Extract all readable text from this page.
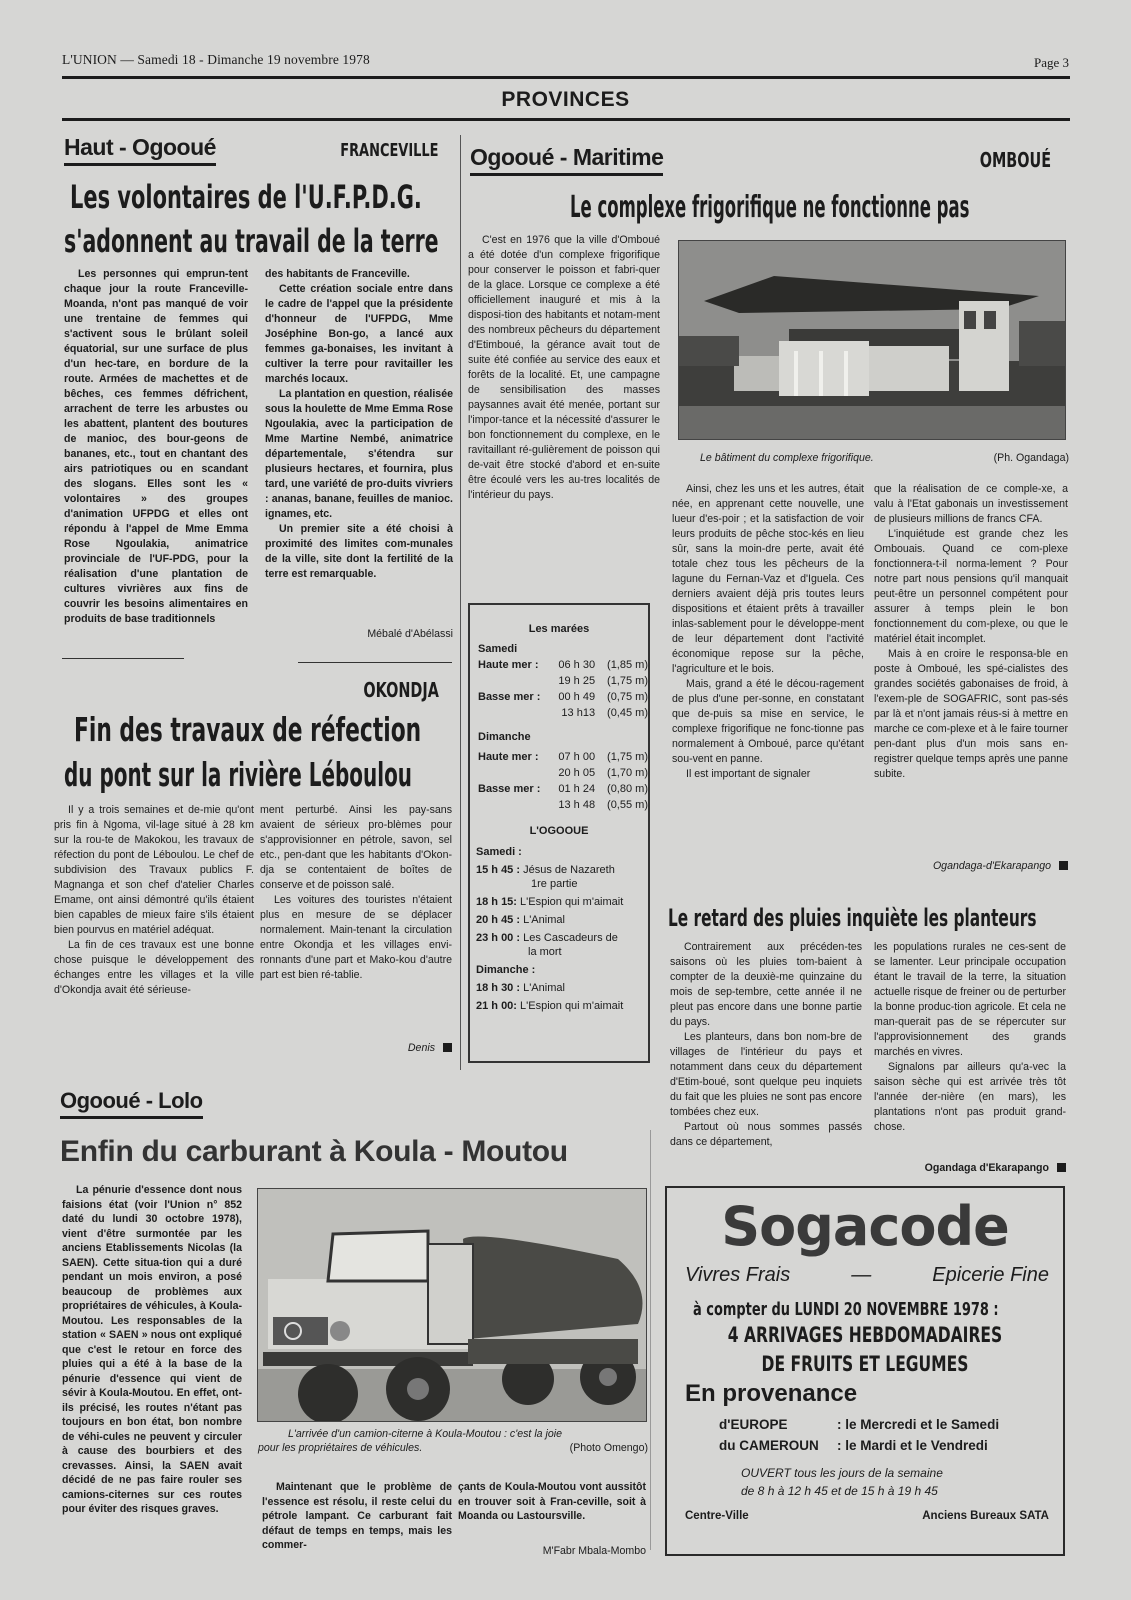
L'UNION — Samedi 18 - Dimanche 19 novembre 1978	Page 3
PROVINCES
Haut - Ogooué	FRANCEVILLE
Les volontaires de l'U.F.P.D.G.
s'adonnent au travail de la terre

Les personnes qui emprun-tent chaque jour la route Franceville-Moanda, n'ont pas manqué de voir une trentaine de femmes qui s'activent sous le brûlant soleil équatorial, sur une surface de plus d'un hec-tare, en bordure de la route. Armées de machettes et de bêches, ces femmes défrichent, arrachent de terre les arbustes ou les abattent, plantent des boutures de manioc, des bour-geons de bananes, etc., tout en chantant des airs patriotiques ou en scandant des slogans. Elles sont les « volontaires » des groupes d'animation UFPDG et elles ont répondu à l'appel de Mme Emma Rose Ngoulakia, animatrice provinciale de l'UF-PDG, pour la réalisation d'une plantation de cultures vivrières aux fins de couvrir les besoins alimentaires en produits de base traditionnels

des habitants de Franceville.

Cette création sociale entre dans le cadre de l'appel que la présidente d'honneur de l'UFPDG, Mme Joséphine Bon-go, a lancé aux femmes ga-bonaises, les invitant à cultiver la terre pour ravitailler les marchés locaux.

La plantation en question, réalisée sous la houlette de Mme Emma Rose Ngoulakia, avec la participation de Mme Martine Nembé, animatrice départementale, s'étendra sur plusieurs hectares, et fournira, plus tard, une variété de pro-duits vivriers : ananas, banane, feuilles de manioc. ignames, etc.

Un premier site a été choisi à proximité des limites com-munales de la ville, site dont la fertilité de la terre est remarquable.

Mébalé d'Abélassi
OKONDJA
Fin des travaux de réfection
du pont sur la rivière Léboulou

Il y a trois semaines et de-mie qu'ont pris fin à Ngoma, vil-lage situé à 28 km sur la rou-te de Makokou, les travaux de réfection du pont de Léboulou. Le chef de subdivision des Travaux publics F. Magnanga et son chef d'atelier Charles Emame, ont ainsi démontré qu'ils étaient bien capables de mieux faire s'ils étaient bien pourvus en matériel adéquat.

La fin de ces travaux est une bonne chose puisque le développement des échanges entre les villages et la ville d'Okondja avait été sérieuse-

ment perturbé. Ainsi les pay-sans avaient de sérieux pro-blèmes pour s'approvisionner en pétrole, savon, sel etc., pen-dant que les habitants d'Okon-dja se contentaient de boîtes de conserve et de poisson salé.

Les voitures des touristes n'étaient plus en mesure de se déplacer normalement. Main-tenant la circulation entre Okondja et les villages envi-ronnants d'une part et Mako-kou d'autre part est bien ré-tablie.

Denis
Ogooué - Maritime	OMBOUÉ
Le complexe frigorifique ne fonctionne pas

C'est en 1976 que la ville d'Omboué a été dotée d'un complexe frigorifique pour conserver le poisson et fabri-quer de la glace. Lorsque ce complexe a été officiellement inauguré et mis à la disposi-tion des habitants et notam-ment des nombreux pêcheurs du département d'Etimboué, la gérance avait tout de suite été confiée au service des eaux et forêts de la localité. Et, une campagne de sensibilisation des masses paysannes avait été menée, portant sur l'impor-tance et la nécessité d'assurer le bon fonctionnement du complexe, en le ravitaillant ré-gulièrement de poisson qui de-vait être stocké d'abord et en-suite être écoulé vers les au-tres localités de l'intérieur du pays.

Le bâtiment du complexe frigorifique.	(Ph. Ogandaga)

Ainsi, chez les uns et les autres, était née, en apprenant cette nouvelle, une lueur d'es-poir ; et la satisfaction de voir leurs produits de pêche stoc-kés en lieu sûr, sans la moin-dre perte, avait été totale chez tous les pêcheurs de la lagune du Fernan-Vaz et d'Iguela. Ces derniers avaient déjà pris toutes leurs dispositions et étaient prêts à travailler inlas-sablement pour le développe-ment de leur département dont l'activité économique repose sur la pêche, l'agriculture et le bois.

Mais, grand a été le décou-ragement de plus d'une per-sonne, en constatant que de-puis sa mise en service, le complexe frigorifique ne fonc-tionne pas normalement à Omboué, parce qu'étant sou-vent en panne.

Il est important de signaler

que la réalisation de ce comple-xe, a valu à l'Etat gabonais un investissement de plusieurs millions de francs CFA.

L'inquiétude est grande chez les Ombouais. Quand ce com-plexe fonctionnera-t-il norma-lement ? Pour notre part nous pensions qu'il manquait peut-être un personnel compétent pour assurer à temps plein le bon fonctionnement du com-plexe, ou que le matériel était incomplet.

Mais à en croire le responsa-ble en poste à Omboué, les spé-cialistes des grandes sociétés gabonaises de froid, à l'exem-ple de SOGAFRIC, sont pas-sés par là et n'ont jamais réus-si à mettre en marche ce com-plexe et à le faire tourner pen-dant plus d'un mois sans en-registrer quelque temps après une panne subite.

Ogandaga-d'Ekarapango
Les marées
Samedi
Haute mer :	06 h 30	(1,85 m)
19 h 25	(1,75 m)
Basse mer :	00 h 49	(0,75 m)
13 h13	(0,45 m)
Dimanche
Haute mer :	07 h 00	(1,75 m)
20 h 05	(1,70 m)
Basse mer :	01 h 24	(0,80 m)
13 h 48	(0,55 m)
L'OGOOUE
Samedi :
15 h 45 : Jésus de Nazareth
1re partie
18 h 15: L'Espion qui m'aimait
20 h 45 : L'Animal
23 h 00 : Les Cascadeurs de
la mort
Dimanche :
18 h 30 : L'Animal
21 h 00: L'Espion qui m'aimait
Le retard des pluies inquiète les planteurs

Contrairement aux précéden-tes saisons où les pluies tom-baient à compter de la deuxiè-me quinzaine du mois de sep-tembre, cette année il ne pleut pas encore dans une bonne partie du pays.

Les planteurs, dans bon nom-bre de villages de l'intérieur du pays et notamment dans ceux du département d'Etim-boué, sont quelque peu inquiets du fait que les pluies ne sont pas encore tombées chez eux.

Partout où nous sommes passés dans ce département,

les populations rurales ne ces-sent de se lamenter. Leur principale occupation étant le travail de la terre, la situation actuelle risque de freiner ou de perturber la bonne produc-tion agricole. Et cela ne man-querait pas de se répercuter sur l'approvisionnement des grands marchés en vivres.

Signalons par ailleurs qu'a-vec la saison sèche qui est arrivée très tôt l'année der-nière (en mars), les plantations n'ont pas produit grand-chose.

Ogandaga d'Ekarapango
Ogooué - Lolo
Enfin du carburant à Koula - Moutou

La pénurie d'essence dont nous faisions état (voir l'Union n° 852 daté du lundi 30 octobre 1978), vient d'être surmontée par les anciens Etablissements Nicolas (la SAEN). Cette situa-tion qui a duré pendant un mois environ, a posé beaucoup de problèmes aux propriétaires de véhicules, à Koula-Moutou. Les responsables de la station « SAEN » nous ont expliqué que c'est le retour en force des pluies qui a été à la base de la pénurie d'essence qui vient de sévir à Koula-Moutou. En effet, ont-ils précisé, les routes n'étant pas toujours en bon état, bon nombre de véhi-cules ne peuvent y circuler à cause des bourbiers et des crevasses. Ainsi, la SAEN avait décidé de ne pas faire rouler ses camions-citernes sur ces routes pour éviter des risques graves.

L'arrivée d'un camion-citerne à Koula-Moutou : c'est la joie
pour les propriétaires de véhicules.	(Photo Omengo)

Maintenant que le problème de l'essence est résolu, il reste celui du pétrole lampant. Ce carburant fait défaut de temps en temps, mais les commer-

çants de Koula-Moutou vont aussitôt en trouver soit à Fran-ceville, soit à Moanda ou Lastoursville.

M'Fabr Mbala-Mombo
Sogacode
Vivres Frais	—	Epicerie Fine
à compter du LUNDI 20 NOVEMBRE 1978 :
4 ARRIVAGES HEBDOMADAIRES
DE FRUITS ET LEGUMES
En provenance
d'EUROPE	: le Mercredi et le Samedi
du CAMEROUN : le Mardi et le Vendredi
OUVERT tous les jours de la semaine
de 8 h à 12 h 45 et de 15 h à 19 h 45
Centre-Ville	Anciens Bureaux SATA
